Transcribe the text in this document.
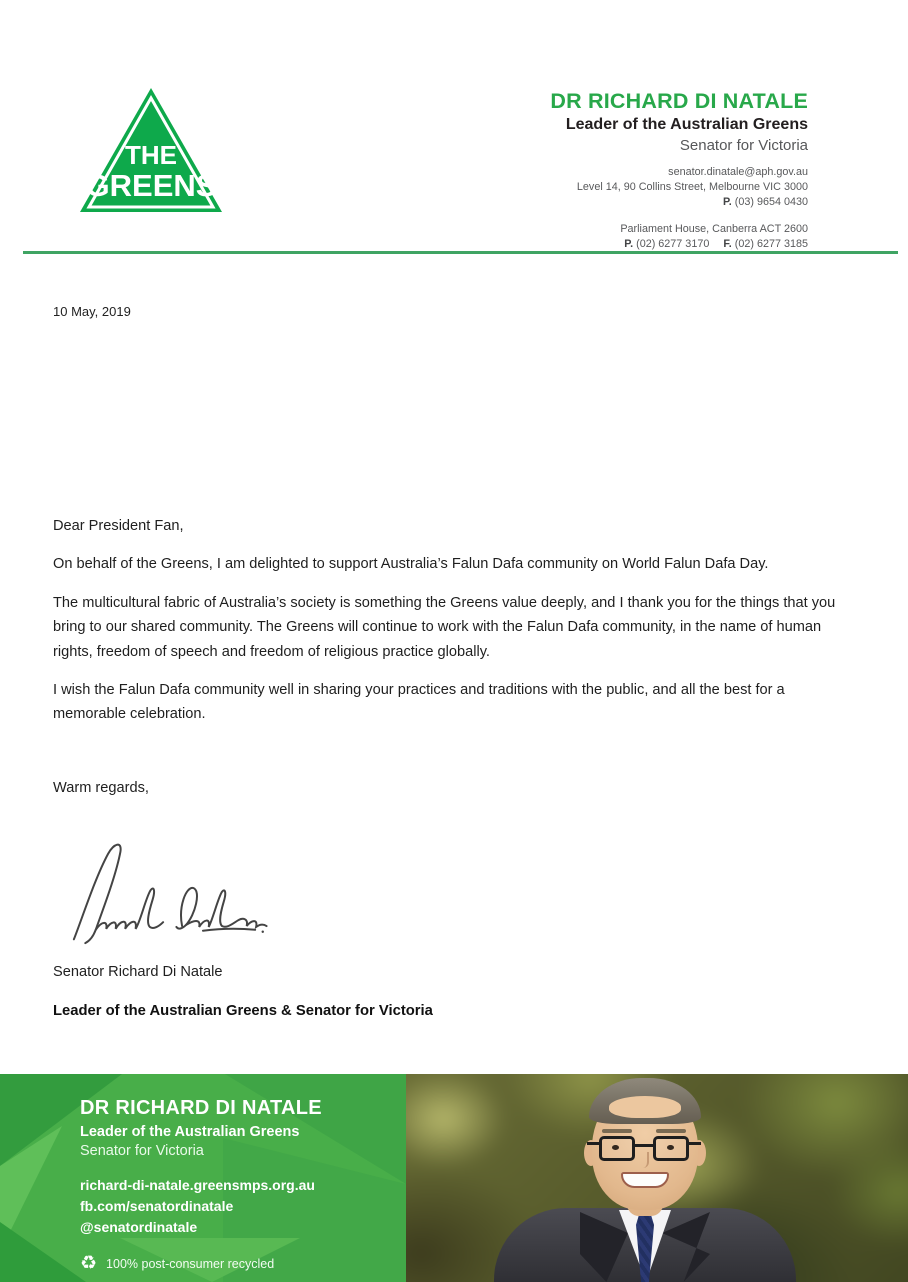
THE
GREENS
DR RICHARD DI NATALE
Leader of the Australian Greens
Senator for Victoria
senator.dinatale@aph.gov.au
Level 14, 90 Collins Street, Melbourne VIC 3000
P. (03) 9654 0430
Parliament House, Canberra ACT 2600
P. (02) 6277 3170 F. (02) 6277 3185
10 May, 2019

Dear President Fan,

On behalf of the Greens, I am delighted to support Australia’s Falun Dafa community on World Falun Dafa Day.

The multicultural fabric of Australia’s society is something the Greens value deeply, and I thank you for the things that you bring to our shared community. The Greens will continue to work with the Falun Dafa community, in the name of human rights, freedom of speech and freedom of religious practice globally.

I wish the Falun Dafa community well in sharing your practices and traditions with the public, and all the best for a memorable celebration.

Warm regards,
Senator Richard Di Natale
Leader of the Australian Greens & Senator for Victoria
DR RICHARD DI NATALE
Leader of the Australian Greens
Senator for Victoria
richard-di-natale.greensmps.org.au
fb.com/senatordinatale
@senatordinatale
♻ 100% post-consumer recycled
